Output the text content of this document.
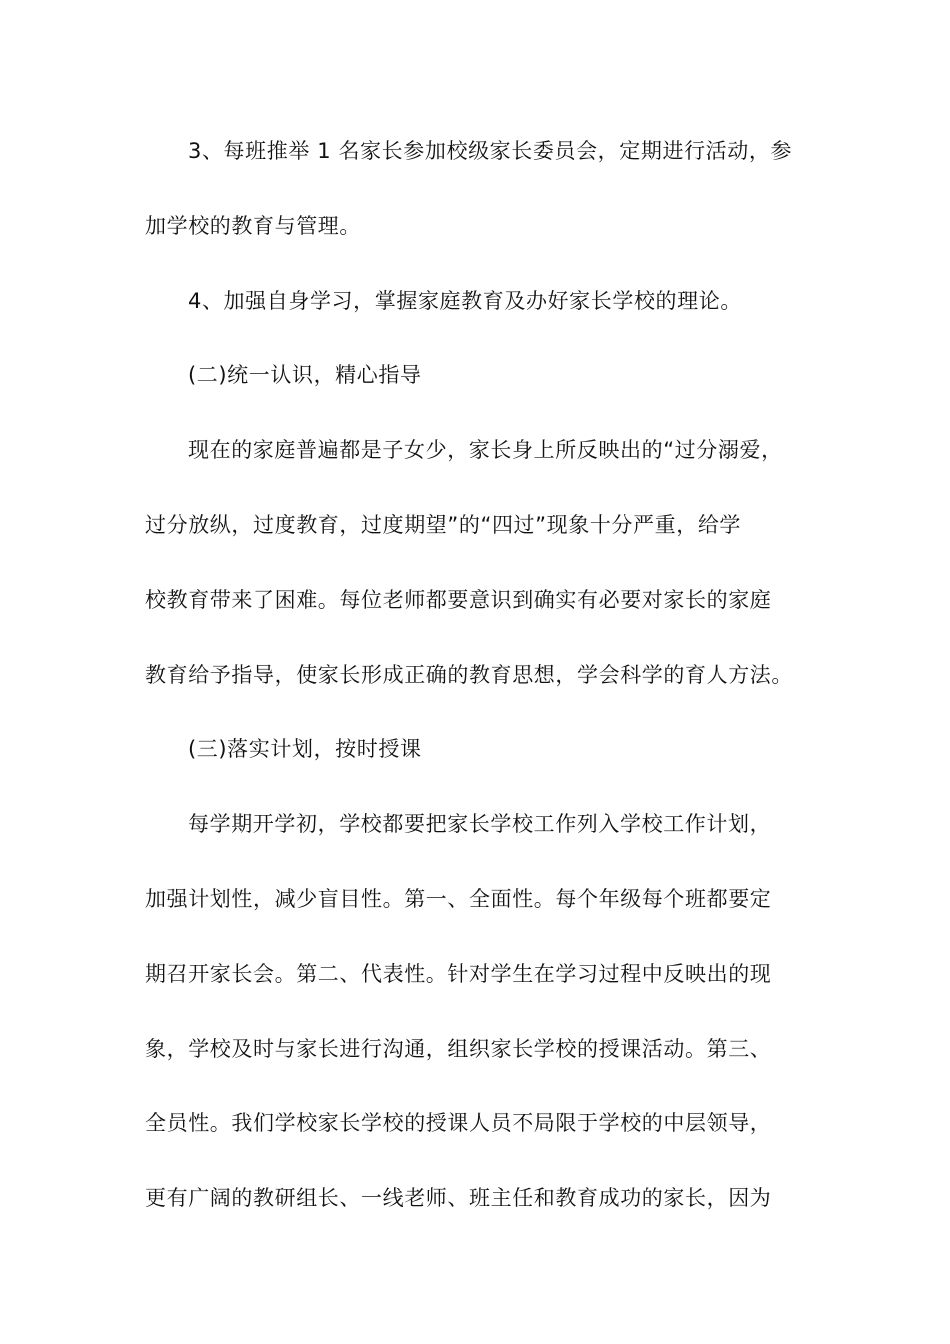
3、每班推举 1 名家长参加校级家长委员会，定期进行活动，参
加学校的教育与管理。
4、加强自身学习，掌握家庭教育及办好家长学校的理论。
(二)统一认识，精心指导
现在的家庭普遍都是子女少，家长身上所反映出的“过分溺爱，
过分放纵，过度教育，过度期望”的“四过”现象十分严重，给学
校教育带来了困难。每位老师都要意识到确实有必要对家长的家庭
教育给予指导，使家长形成正确的教育思想，学会科学的育人方法。
(三)落实计划，按时授课
每学期开学初，学校都要把家长学校工作列入学校工作计划，
加强计划性，减少盲目性。第一、全面性。每个年级每个班都要定
期召开家长会。第二、代表性。针对学生在学习过程中反映出的现
象，学校及时与家长进行沟通，组织家长学校的授课活动。第三、
全员性。我们学校家长学校的授课人员不局限于学校的中层领导，
更有广阔的教研组长、一线老师、班主任和教育成功的家长，因为
